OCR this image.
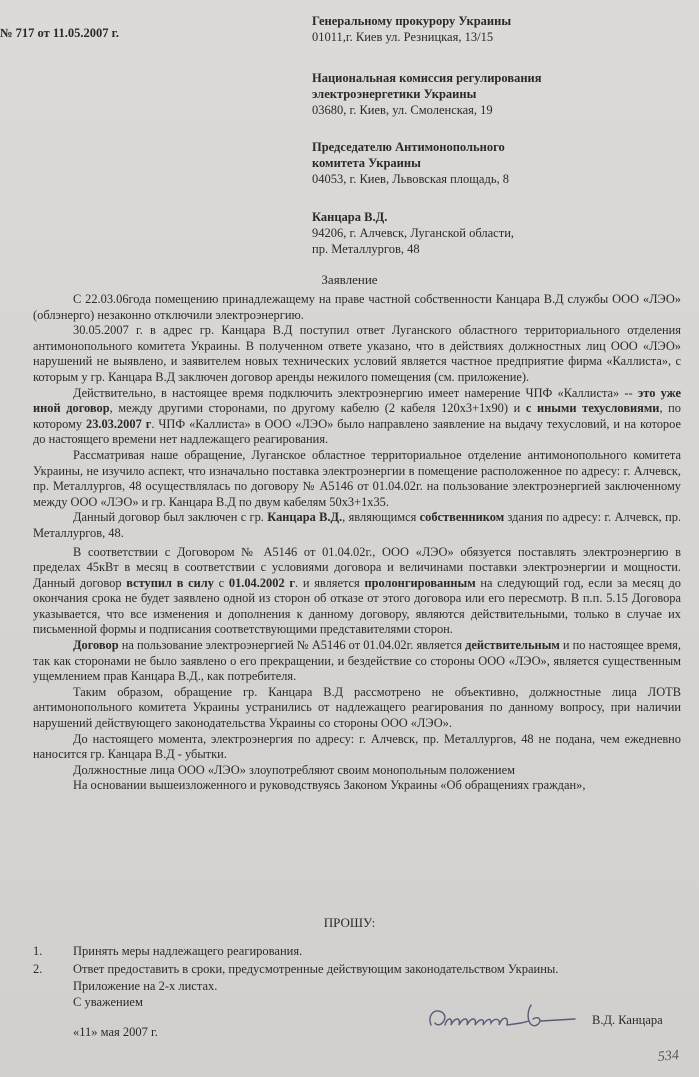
№ 717 от 11.05.2007 г.
Генеральному прокурору Украины
01011,г. Киев ул. Резницкая, 13/15
Национальная комиссия регулирования
электроэнергетики Украины
03680, г. Киев, ул. Смоленская, 19
Председателю Антимонопольного
комитета Украины
04053, г. Киев, Львовская площадь, 8
Канцара В.Д.
94206, г. Алчевск, Луганской области,
пр. Металлургов, 48
Заявление

С 22.03.06года помещению принадлежащему на праве частной собственности Канцара В.Д службы ООО «ЛЭО» (облэнерго) незаконно отключили электроэнергию.

30.05.2007 г. в адрес гр. Канцара В.Д поступил ответ Луганского областного территориального отделения антимонопольного комитета Украины. В полученном ответе указано, что в действиях должностных лиц ООО «ЛЭО» нарушений не выявлено, и заявителем новых технических условий является частное предприятие фирма «Каллиста», с которым у гр. Канцара В.Д заключен договор аренды нежилого помещения (см. приложение).

Действительно, в настоящее время подключить электроэнергию имеет намерение ЧПФ «Каллиста» -- это уже иной договор, между другими сторонами, по другому кабелю (2 кабеля 120х3+1х90) и с иными техусловиями, по которому 23.03.2007 г. ЧПФ «Каллиста» в ООО «ЛЭО» было направлено заявление на выдачу техусловий, и на которое до настоящего времени нет надлежащего реагирования.

Рассматривая наше обращение, Луганское областное территориальное отделение антимонопольного комитета Украины, не изучило аспект, что изначально поставка электроэнергии в помещение расположенное по адресу: г. Алчевск, пр. Металлургов, 48 осуществлялась по договору № А5146 от 01.04.02г. на пользование электроэнергией заключенному между ООО «ЛЭО» и гр. Канцара В.Д по двум кабелям 50х3+1х35.

Данный договор был заключен с гр. Канцара В.Д., являющимся собственником здания по адресу: г. Алчевск, пр. Металлургов, 48.

В соответствии с Договором № А5146 от 01.04.02г., ООО «ЛЭО» обязуется поставлять электроэнергию в пределах 45кВт в месяц в соответствии с условиями договора и величинами поставки электроэнергии и мощности. Данный договор вступил в силу с 01.04.2002 г. и является пролонгированным на следующий год, если за месяц до окончания срока не будет заявлено одной из сторон об отказе от этого договора или его пересмотр. В п.п. 5.15 Договора указывается, что все изменения и дополнения к данному договору, являются действительными, только в случае их письменной формы и подписания соответствующими представителями сторон.

Договор на пользование электроэнергией № А5146 от 01.04.02г. является действительным и по настоящее время, так как сторонами не было заявлено о его прекращении, и бездействие со стороны ООО «ЛЭО», является существенным ущемлением прав Канцара В.Д., как потребителя.

Таким образом, обращение гр. Канцара В.Д рассмотрено не объективно, должностные лица ЛОТВ антимонопольного комитета Украины устранились от надлежащего реагирования по данному вопросу, при наличии нарушений действующего законодательства Украины со стороны ООО «ЛЭО».

До настоящего момента, электроэнергия по адресу: г. Алчевск, пр. Металлургов, 48 не подана, чем ежедневно наносится гр. Канцара В.Д - убытки.

Должностные лица ООО «ЛЭО» злоупотребляют своим монопольным положением

На основании вышеизложенного и руководствуясь Законом Украины «Об обращениях граждан»,

ПРОШУ:
1. Принять меры надлежащего реагирования.
2. Ответ предоставить в сроки, предусмотренные действующим законодательством Украины.
Приложение на 2-х листах.
С уважением
«11» мая 2007 г.
В.Д. Канцара
534
